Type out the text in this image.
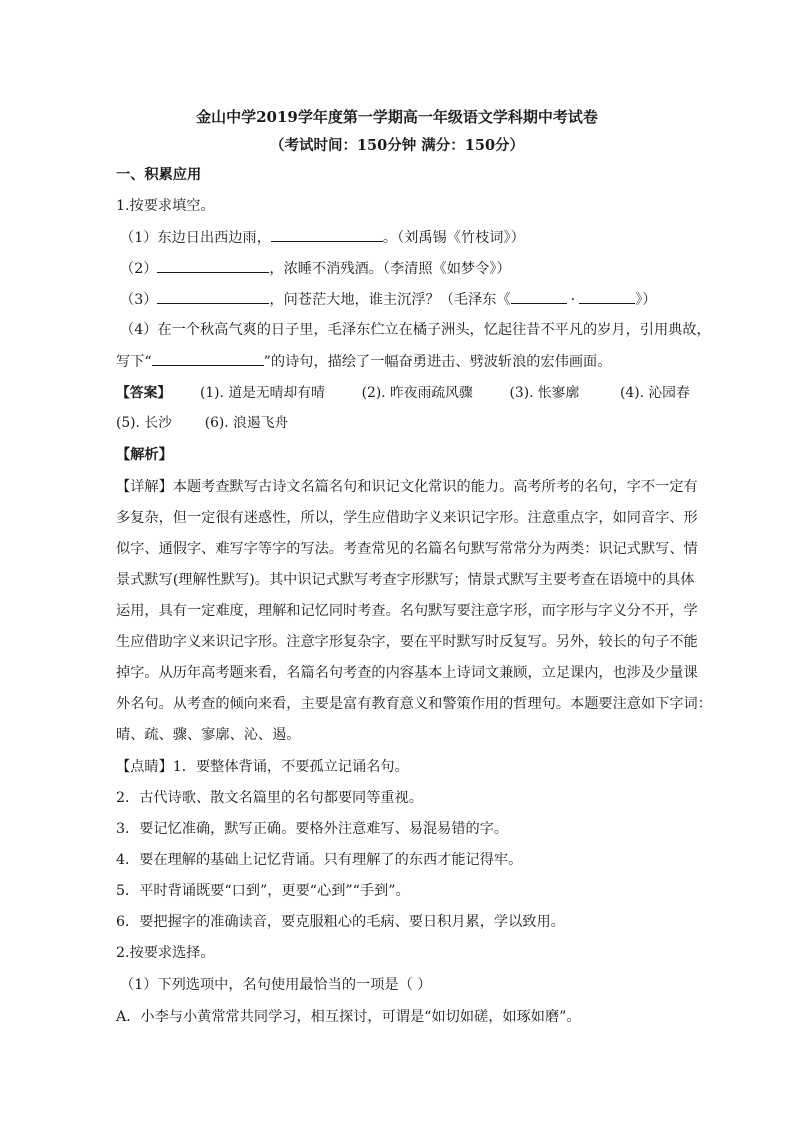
金山中学2019学年度第一学期高一年级语文学科期中考试卷
（考试时间：150分钟 满分：150分）
一、积累应用
1.按要求填空。
（1）东边日出西边雨，	。（刘禹锡《竹枝词》）
（2）	，浓睡不消残酒。（李清照《如梦令》）
（3）	，问苍茫大地，谁主沉浮？（毛泽东《	·	》）
（4）在一个秋高气爽的日子里，毛泽东伫立在橘子洲头，忆起往昔不平凡的岁月，引用典故，
写下“	”的诗句，描绘了一幅奋勇进击、劈波斩浪的宏伟画面。
【答案】 (1). 道是无晴却有晴	(2). 昨夜雨疏风骤	(3). 怅寥廓	(4). 沁园春
(5). 长沙 (6). 浪遏飞舟
【解析】
【详解】本题考查默写古诗文名篇名句和识记文化常识的能力。高考所考的名句，字不一定有
多复杂，但一定很有迷惑性，所以，学生应借助字义来识记字形。注意重点字，如同音字、形
似字、通假字、难写字等字的写法。考查常见的名篇名句默写常常分为两类：识记式默写、情
景式默写(理解性默写)。其中识记式默写考查字形默写；情景式默写主要考查在语境中的具体
运用，具有一定难度，理解和记忆同时考查。名句默写要注意字形，而字形与字义分不开，学
生应借助字义来识记字形。注意字形复杂字，要在平时默写时反复写。另外，较长的句子不能
掉字。从历年高考题来看，名篇名句考查的内容基本上诗词文兼顾，立足课内，也涉及少量课
外名句。从考查的倾向来看，主要是富有教育意义和警策作用的哲理句。本题要注意如下字词：
晴、疏、骤、寥廓、沁、遏。
【点睛】1．要整体背诵，不要孤立记诵名句。
2．古代诗歌、散文名篇里的名句都要同等重视。
3．要记忆准确，默写正确。要格外注意难写、易混易错的字。
4．要在理解的基础上记忆背诵。只有理解了的东西才能记得牢。
5．平时背诵既要“口到”，更要“心到”“手到”。
6．要把握字的准确读音，要克服粗心的毛病、要日积月累，学以致用。
2.按要求选择。
（1）下列选项中，名句使用最恰当的一项是（ ）
A．小李与小黄常常共同学习，相互探讨，可谓是“如切如磋，如琢如磨”。
